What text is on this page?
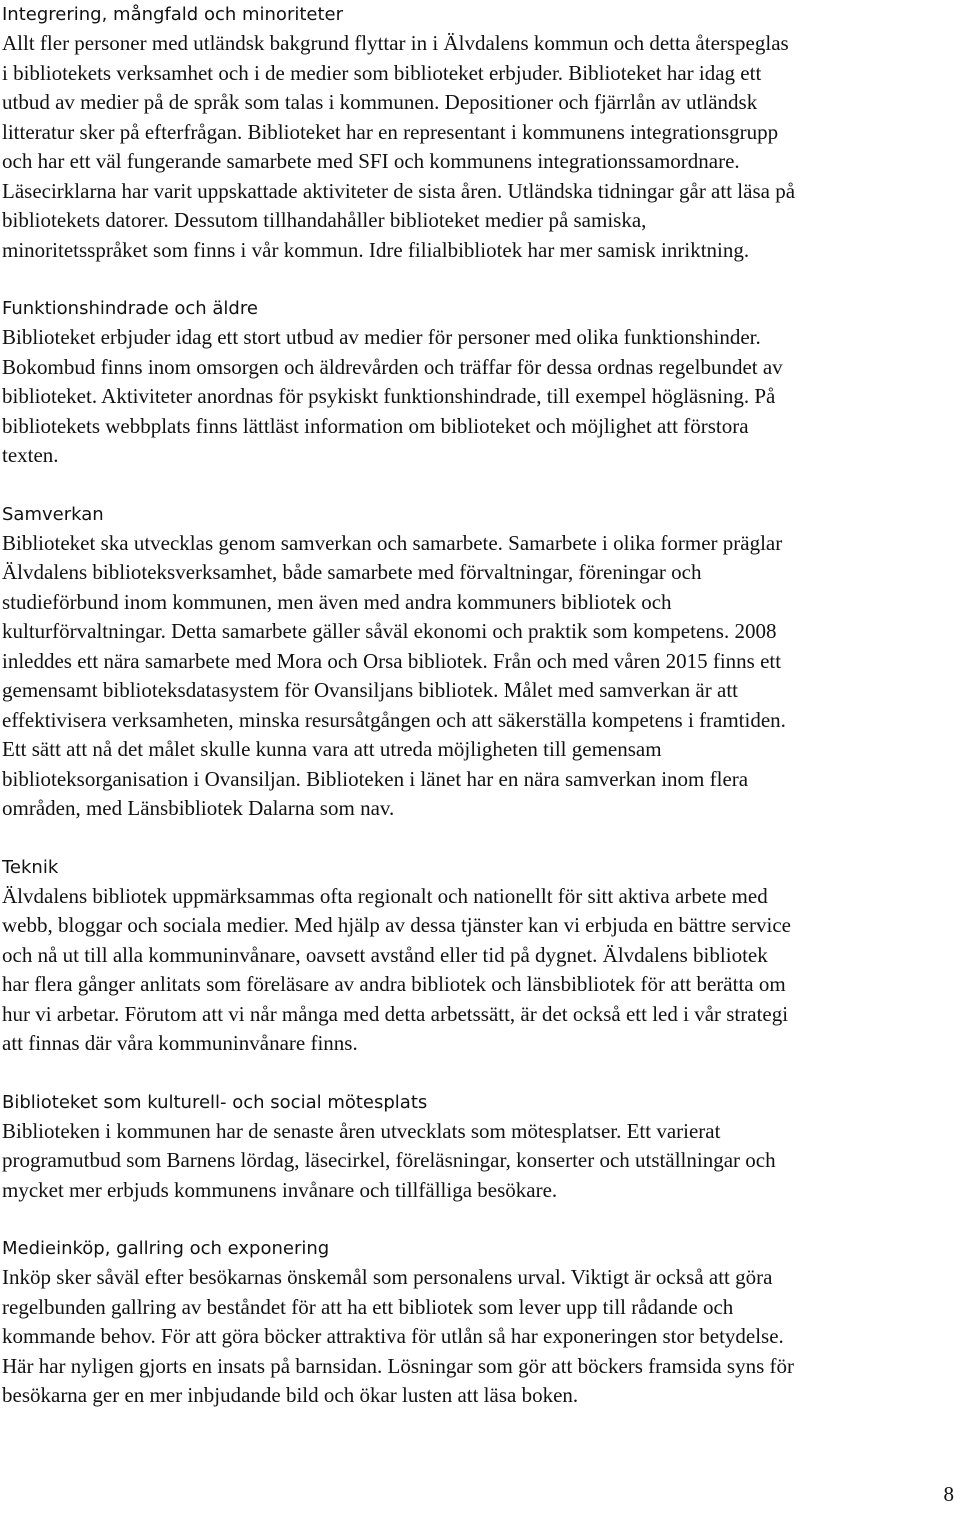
Integrering, mångfald och minoriteter
Allt fler personer med utländsk bakgrund flyttar in i Älvdalens kommun och detta återspeglas
i bibliotekets verksamhet och i de medier som biblioteket erbjuder. Biblioteket har idag ett
utbud av medier på de språk som talas i kommunen. Depositioner och fjärrlån av utländsk
litteratur sker på efterfrågan. Biblioteket har en representant i kommunens integrationsgrupp
och har ett väl fungerande samarbete med SFI och kommunens integrationssamordnare.
Läsecirklarna har varit uppskattade aktiviteter de sista åren. Utländska tidningar går att läsa på
bibliotekets datorer. Dessutom tillhandahåller biblioteket medier på samiska,
minoritetsspråket som finns i vår kommun. Idre filialbibliotek har mer samisk inriktning.
Funktionshindrade och äldre
Biblioteket erbjuder idag ett stort utbud av medier för personer med olika funktionshinder.
Bokombud finns inom omsorgen och äldrevården och träffar för dessa ordnas regelbundet av
biblioteket. Aktiviteter anordnas för psykiskt funktionshindrade, till exempel högläsning. På
bibliotekets webbplats finns lättläst information om biblioteket och möjlighet att förstora
texten.
Samverkan
Biblioteket ska utvecklas genom samverkan och samarbete. Samarbete i olika former präglar
Älvdalens biblioteksverksamhet, både samarbete med förvaltningar, föreningar och
studieförbund inom kommunen, men även med andra kommuners bibliotek och
kulturförvaltningar. Detta samarbete gäller såväl ekonomi och praktik som kompetens. 2008
inleddes ett nära samarbete med Mora och Orsa bibliotek. Från och med våren 2015 finns ett
gemensamt biblioteksdatasystem för Ovansiljans bibliotek. Målet med samverkan är att
effektivisera verksamheten, minska resursåtgången och att säkerställa kompetens i framtiden.
Ett sätt att nå det målet skulle kunna vara att utreda möjligheten till gemensam
biblioteksorganisation i Ovansiljan. Biblioteken i länet har en nära samverkan inom flera
områden, med Länsbibliotek Dalarna som nav.
Teknik
Älvdalens bibliotek uppmärksammas ofta regionalt och nationellt för sitt aktiva arbete med
webb, bloggar och sociala medier. Med hjälp av dessa tjänster kan vi erbjuda en bättre service
och nå ut till alla kommuninvånare, oavsett avstånd eller tid på dygnet. Älvdalens bibliotek
har flera gånger anlitats som föreläsare av andra bibliotek och länsbibliotek för att berätta om
hur vi arbetar. Förutom att vi når många med detta arbetssätt, är det också ett led i vår strategi
att finnas där våra kommuninvånare finns.
Biblioteket som kulturell- och social mötesplats
Biblioteken i kommunen har de senaste åren utvecklats som mötesplatser. Ett varierat
programutbud som Barnens lördag, läsecirkel, föreläsningar, konserter och utställningar och
mycket mer erbjuds kommunens invånare och tillfälliga besökare.
Medieinköp, gallring och exponering
Inköp sker såväl efter besökarnas önskemål som personalens urval. Viktigt är också att göra
regelbunden gallring av beståndet för att ha ett bibliotek som lever upp till rådande och
kommande behov. För att göra böcker attraktiva för utlån så har exponeringen stor betydelse.
Här har nyligen gjorts en insats på barnsidan. Lösningar som gör att böckers framsida syns för
besökarna ger en mer inbjudande bild och ökar lusten att läsa boken.
8
